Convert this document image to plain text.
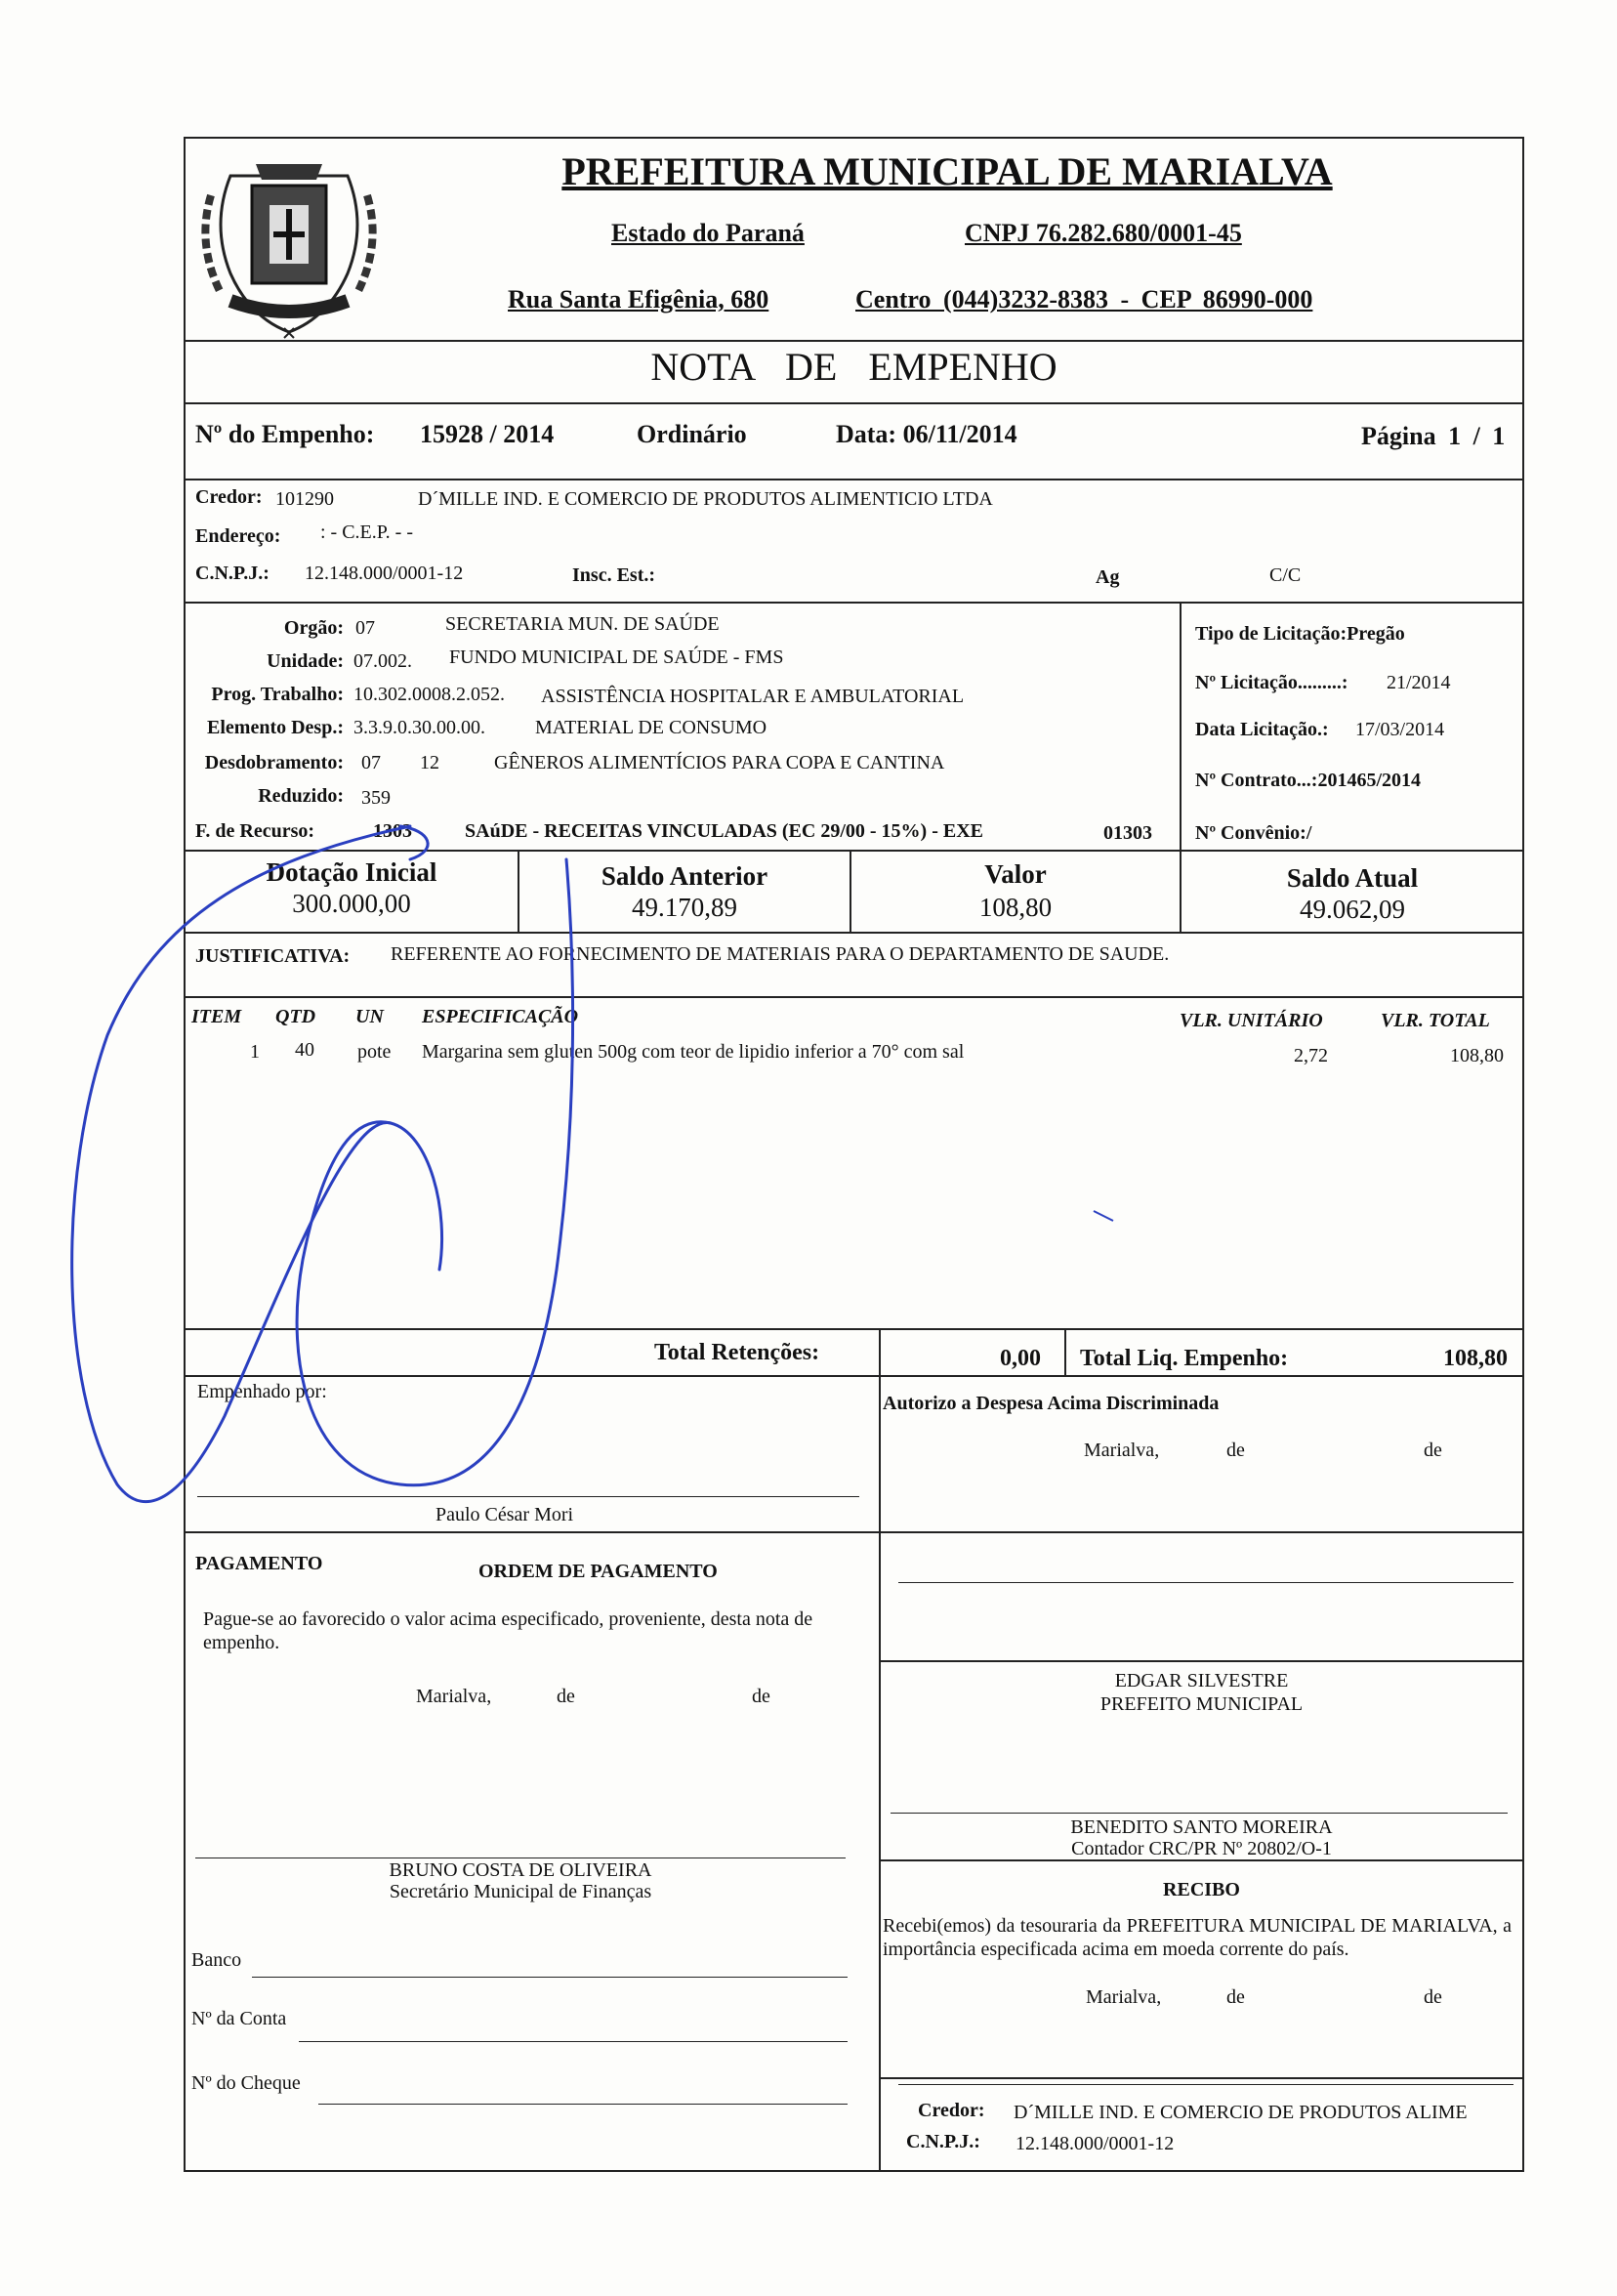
PREFEITURA MUNICIPAL DE MARIALVA
Estado do Paraná	CNPJ 76.282.680/0001-45
Rua Santa Efigênia, 680	Centro (044)3232-8383 - CEP 86990-000
NOTA DE EMPENHO
Nº do Empenho: 15928 / 2014	Ordinário	Data: 06/11/2014	Página 1 / 1
Credor: 101290	D´MILLE IND. E COMERCIO DE PRODUTOS ALIMENTICIO LTDA
Endereço: : - C.E.P. - -
C.N.P.J.: 12.148.000/0001-12	Insc. Est.:	Ag	C/C
Orgão: 07	SECRETARIA MUN. DE SAÚDE
Unidade: 07.002. FUNDO MUNICIPAL DE SAÚDE - FMS
Prog. Trabalho: 10.302.0008.2.052. ASSISTÊNCIA HOSPITALAR E AMBULATORIAL
Elemento Desp.: 3.3.9.0.30.00.00.	MATERIAL DE CONSUMO
Desdobramento: 07 12	GÊNEROS ALIMENTÍCIOS PARA COPA E CANTINA
Reduzido: 359
F. de Recurso:	1303	SAúDE - RECEITAS VINCULADAS (EC 29/00 - 15%) - EXE	01303
Tipo de Licitação:Pregão
Nº Licitação.........: 21/2014
Data Licitação.: 17/03/2014
Nº Contrato...:201465/2014
Nº Convênio:/
Dotação Inicial
300.000,00
Saldo Anterior
49.170,89
Valor
108,80
Saldo Atual
49.062,09
JUSTIFICATIVA: REFERENTE AO FORNECIMENTO DE MATERIAIS PARA O DEPARTAMENTO DE SAUDE.
ITEM QTD UN ESPECIFICAÇÃO	VLR. UNITÁRIO	VLR. TOTAL
1 40 pote Margarina sem gluten 500g com teor de lipidio inferior a 70° com sal	2,72	108,80
Total Retenções:	0,00 Total Liq. Empenho:	108,80
Empenhado por:
Paulo César Mori
Autorizo a Despesa Acima Discriminada
Marialva,	de	de
PAGAMENTO	ORDEM DE PAGAMENTO
Pague-se ao favorecido o valor acima especificado, proveniente, desta nota de empenho.
Marialva,	de	de
EDGAR SILVESTRE
PREFEITO MUNICIPAL
BENEDITO SANTO MOREIRA
Contador CRC/PR Nº 20802/O-1
BRUNO COSTA DE OLIVEIRA
Secretário Municipal de Finanças	RECIBO
Recebi(emos) da tesouraria da PREFEITURA MUNICIPAL DE MARIALVA, a importância especificada acima em moeda corrente do país.
Marialva,	de	de
Credor: D´MILLE IND. E COMERCIO DE PRODUTOS ALIME
C.N.P.J.: 12.148.000/0001-12
Banco
Nº da Conta
Nº do Cheque
